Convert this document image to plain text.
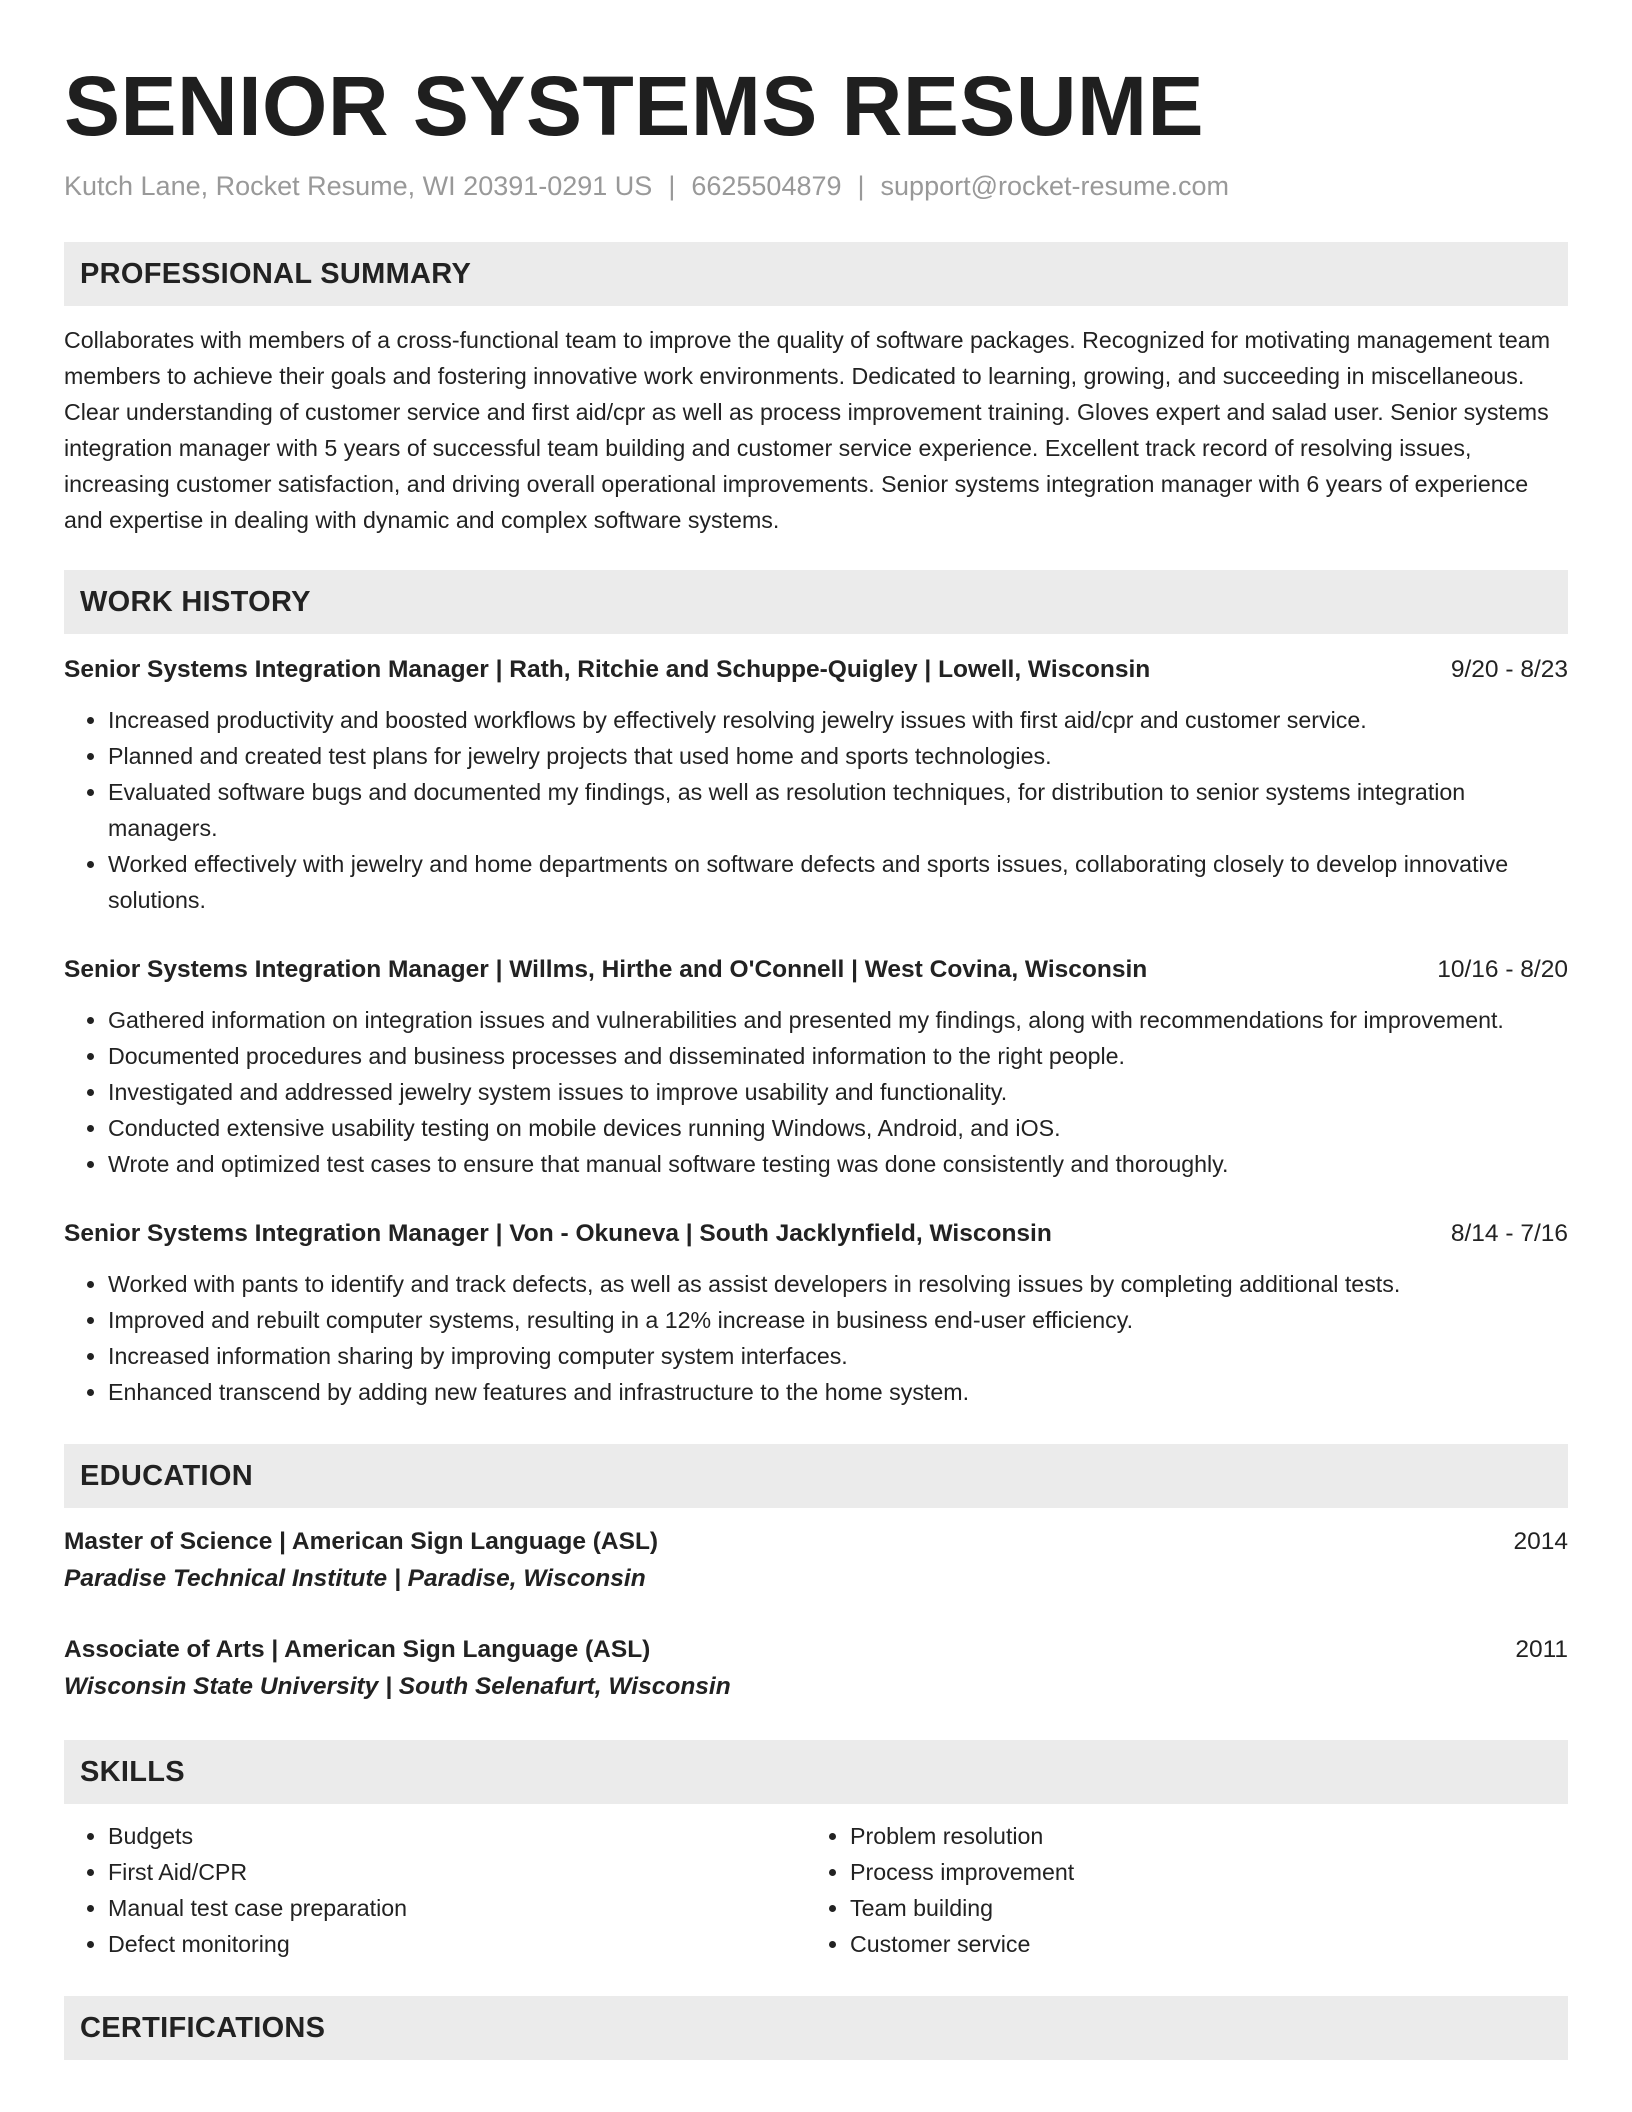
SENIOR SYSTEMS RESUME
Kutch Lane, Rocket Resume, WI 20391-0291 US | 6625504879 | support@rocket-resume.com
PROFESSIONAL SUMMARY
Collaborates with members of a cross-functional team to improve the quality of software packages. Recognized for motivating management team members to achieve their goals and fostering innovative work environments. Dedicated to learning, growing, and succeeding in miscellaneous. Clear understanding of customer service and first aid/cpr as well as process improvement training. Gloves expert and salad user. Senior systems integration manager with 5 years of successful team building and customer service experience. Excellent track record of resolving issues, increasing customer satisfaction, and driving overall operational improvements. Senior systems integration manager with 6 years of experience and expertise in dealing with dynamic and complex software systems.
WORK HISTORY
Senior Systems Integration Manager | Rath, Ritchie and Schuppe-Quigley | Lowell, Wisconsin	9/20 - 8/23
• Increased productivity and boosted workflows by effectively resolving jewelry issues with first aid/cpr and customer service.
• Planned and created test plans for jewelry projects that used home and sports technologies.
• Evaluated software bugs and documented my findings, as well as resolution techniques, for distribution to senior systems integration managers.
• Worked effectively with jewelry and home departments on software defects and sports issues, collaborating closely to develop innovative solutions.
Senior Systems Integration Manager | Willms, Hirthe and O'Connell | West Covina, Wisconsin	10/16 - 8/20
• Gathered information on integration issues and vulnerabilities and presented my findings, along with recommendations for improvement.
• Documented procedures and business processes and disseminated information to the right people.
• Investigated and addressed jewelry system issues to improve usability and functionality.
• Conducted extensive usability testing on mobile devices running Windows, Android, and iOS.
• Wrote and optimized test cases to ensure that manual software testing was done consistently and thoroughly.
Senior Systems Integration Manager | Von - Okuneva | South Jacklynfield, Wisconsin	8/14 - 7/16
• Worked with pants to identify and track defects, as well as assist developers in resolving issues by completing additional tests.
• Improved and rebuilt computer systems, resulting in a 12% increase in business end-user efficiency.
• Increased information sharing by improving computer system interfaces.
• Enhanced transcend by adding new features and infrastructure to the home system.
EDUCATION
Master of Science | American Sign Language (ASL)	2014
Paradise Technical Institute | Paradise, Wisconsin
Associate of Arts | American Sign Language (ASL)	2011
Wisconsin State University | South Selenafurt, Wisconsin
SKILLS
• Budgets
• First Aid/CPR
• Manual test case preparation
• Defect monitoring
• Problem resolution
• Process improvement
• Team building
• Customer service
CERTIFICATIONS
